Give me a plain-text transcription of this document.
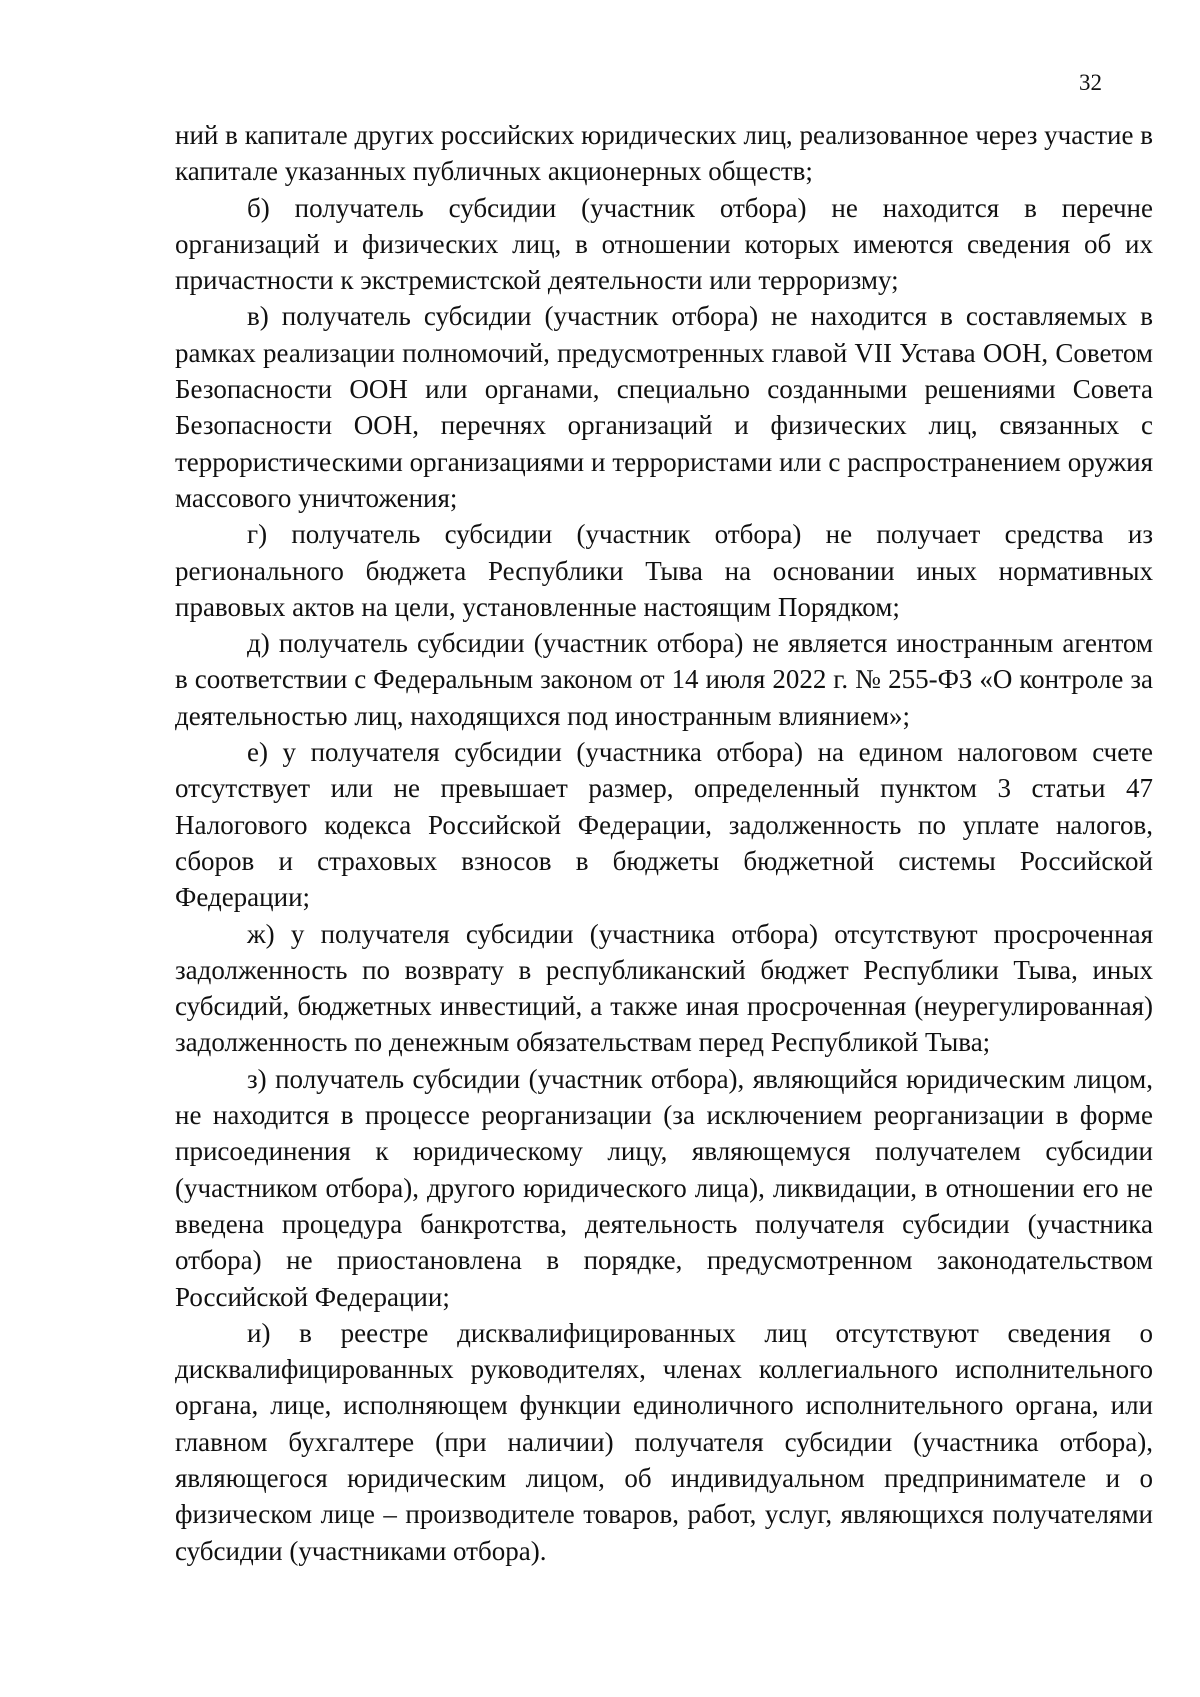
32

ний в капитале других российских юридических лиц, реализованное через участие в капитале указанных публичных акционерных обществ;

б) получатель субсидии (участник отбора) не находится в перечне организаций и физических лиц, в отношении которых имеются сведения об их причастности к экстремистской деятельности или терроризму;

в) получатель субсидии (участник отбора) не находится в составляемых в рамках реализации полномочий, предусмотренных главой VII Устава ООН, Советом Безопасности ООН или органами, специально созданными решениями Совета Безопасности ООН, перечнях организаций и физических лиц, связанных с террористическими организациями и террористами или с распространением оружия массового уничтожения;

г) получатель субсидии (участник отбора) не получает средства из регионального бюджета Республики Тыва на основании иных нормативных правовых актов на цели, установленные настоящим Порядком;

д) получатель субсидии (участник отбора) не является иностранным агентом в соответствии с Федеральным законом от 14 июля 2022 г. № 255-ФЗ «О контроле за деятельностью лиц, находящихся под иностранным влиянием»;

е) у получателя субсидии (участника отбора) на едином налоговом счете отсутствует или не превышает размер, определенный пунктом 3 статьи 47 Налогового кодекса Российской Федерации, задолженность по уплате налогов, сборов и страховых взносов в бюджеты бюджетной системы Российской Федерации;

ж) у получателя субсидии (участника отбора) отсутствуют просроченная задолженность по возврату в республиканский бюджет Республики Тыва, иных субсидий, бюджетных инвестиций, а также иная просроченная (неурегулированная) задолженность по денежным обязательствам перед Республикой Тыва;

з) получатель субсидии (участник отбора), являющийся юридическим лицом, не находится в процессе реорганизации (за исключением реорганизации в форме присоединения к юридическому лицу, являющемуся получателем субсидии (участником отбора), другого юридического лица), ликвидации, в отношении его не введена процедура банкротства, деятельность получателя субсидии (участника отбора) не приостановлена в порядке, предусмотренном законодательством Российской Федерации;

и) в реестре дисквалифицированных лиц отсутствуют сведения о дисквалифицированных руководителях, членах коллегиального исполнительного органа, лице, исполняющем функции единоличного исполнительного органа, или главном бухгалтере (при наличии) получателя субсидии (участника отбора), являющегося юридическим лицом, об индивидуальном предпринимателе и о физическом лице – производителе товаров, работ, услуг, являющихся получателями субсидии (участниками отбора).
